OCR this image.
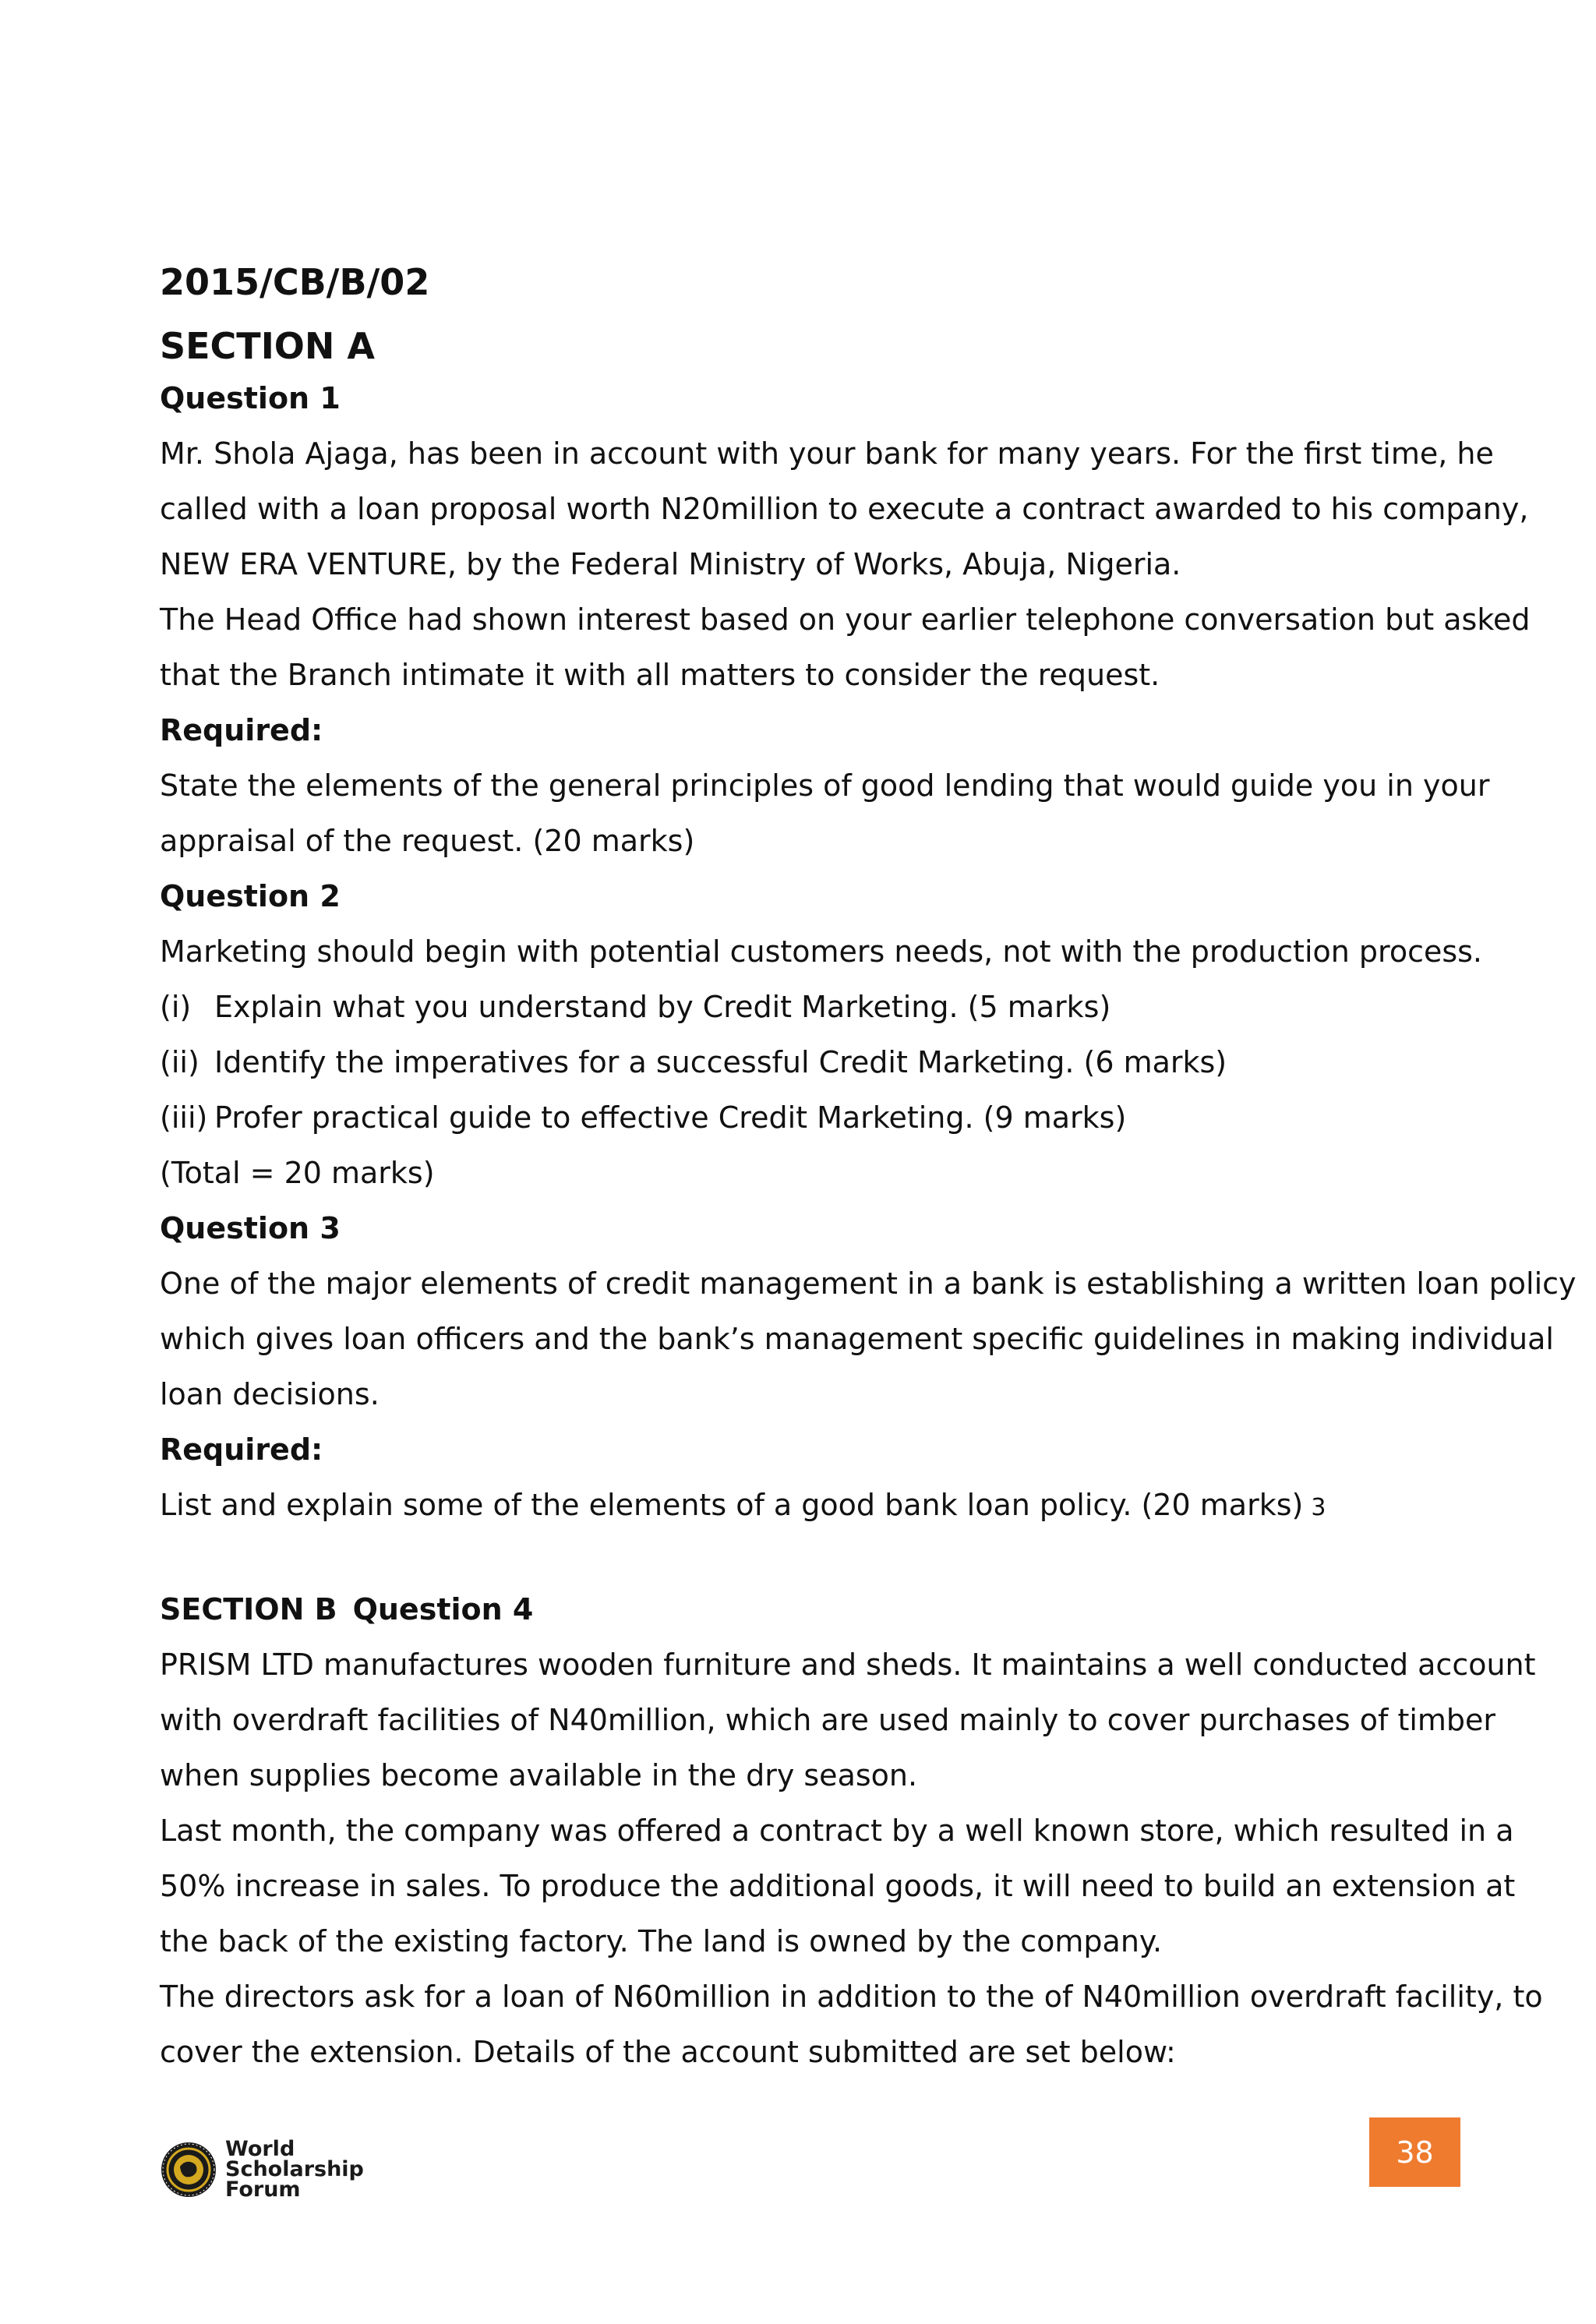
2015/CB/B/02
SECTION A
Question 1
Mr. Shola Ajaga, has been in account with your bank for many years. For the first time, he
called with a loan proposal worth N20million to execute a contract awarded to his company,
NEW ERA VENTURE, by the Federal Ministry of Works, Abuja, Nigeria.
The Head Office had shown interest based on your earlier telephone conversation but asked
that the Branch intimate it with all matters to consider the request.
Required:
State the elements of the general principles of good lending that would guide you in your
appraisal of the request. (20 marks)
Question 2
Marketing should begin with potential customers needs, not with the production process.
(i) Explain what you understand by Credit Marketing. (5 marks)
(ii) Identify the imperatives for a successful Credit Marketing. (6 marks)
(iii) Profer practical guide to effective Credit Marketing. (9 marks)
(Total = 20 marks)
Question 3
One of the major elements of credit management in a bank is establishing a written loan policy
which gives loan officers and the bank’s management specific guidelines in making individual
loan decisions.
Required:
List and explain some of the elements of a good bank loan policy. (20 marks) 3
SECTION B Question 4
PRISM LTD manufactures wooden furniture and sheds. It maintains a well conducted account
with overdraft facilities of N40million, which are used mainly to cover purchases of timber
when supplies become available in the dry season.
Last month, the company was offered a contract by a well known store, which resulted in a
50% increase in sales. To produce the additional goods, it will need to build an extension at
the back of the existing factory. The land is owned by the company.
The directors ask for a loan of N60million in addition to the of N40million overdraft facility, to
cover the extension. Details of the account submitted are set below:
World
Scholarship
Forum
38
